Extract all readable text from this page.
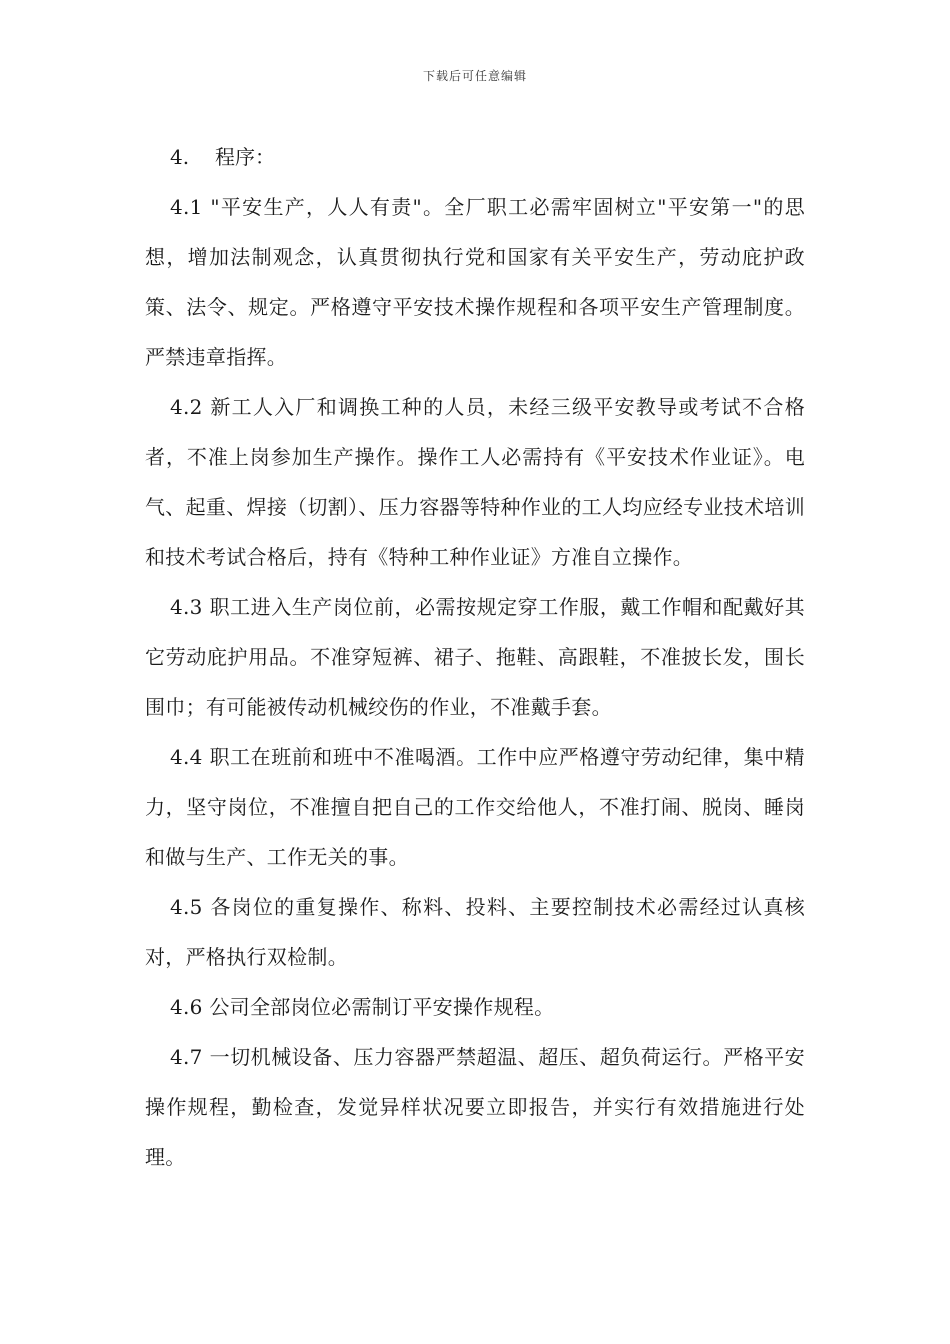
下载后可任意编辑

4. 程序：

4.1 "平安生产，人人有责"。全厂职工必需牢固树立"平安第一"的思想，增加法制观念，认真贯彻执行党和国家有关平安生产，劳动庇护政策、法令、规定。严格遵守平安技术操作规程和各项平安生产管理制度。严禁违章指挥。

4.2 新工人入厂和调换工种的人员，未经三级平安教导或考试不合格者，不准上岗参加生产操作。操作工人必需持有《平安技术作业证》。电气、起重、焊接（切割）、压力容器等特种作业的工人均应经专业技术培训和技术考试合格后，持有《特种工种作业证》方准自立操作。

4.3 职工进入生产岗位前，必需按规定穿工作服，戴工作帽和配戴好其它劳动庇护用品。不准穿短裤、裙子、拖鞋、高跟鞋，不准披长发，围长围巾；有可能被传动机械绞伤的作业，不准戴手套。

4.4 职工在班前和班中不准喝酒。工作中应严格遵守劳动纪律，集中精力，坚守岗位，不准擅自把自己的工作交给他人，不准打闹、脱岗、睡岗和做与生产、工作无关的事。

4.5 各岗位的重复操作、称料、投料、主要控制技术必需经过认真核对，严格执行双检制。

4.6 公司全部岗位必需制订平安操作规程。

4.7 一切机械设备、压力容器严禁超温、超压、超负荷运行。严格平安操作规程，勤检查，发觉异样状况要立即报告，并实行有效措施进行处理。
